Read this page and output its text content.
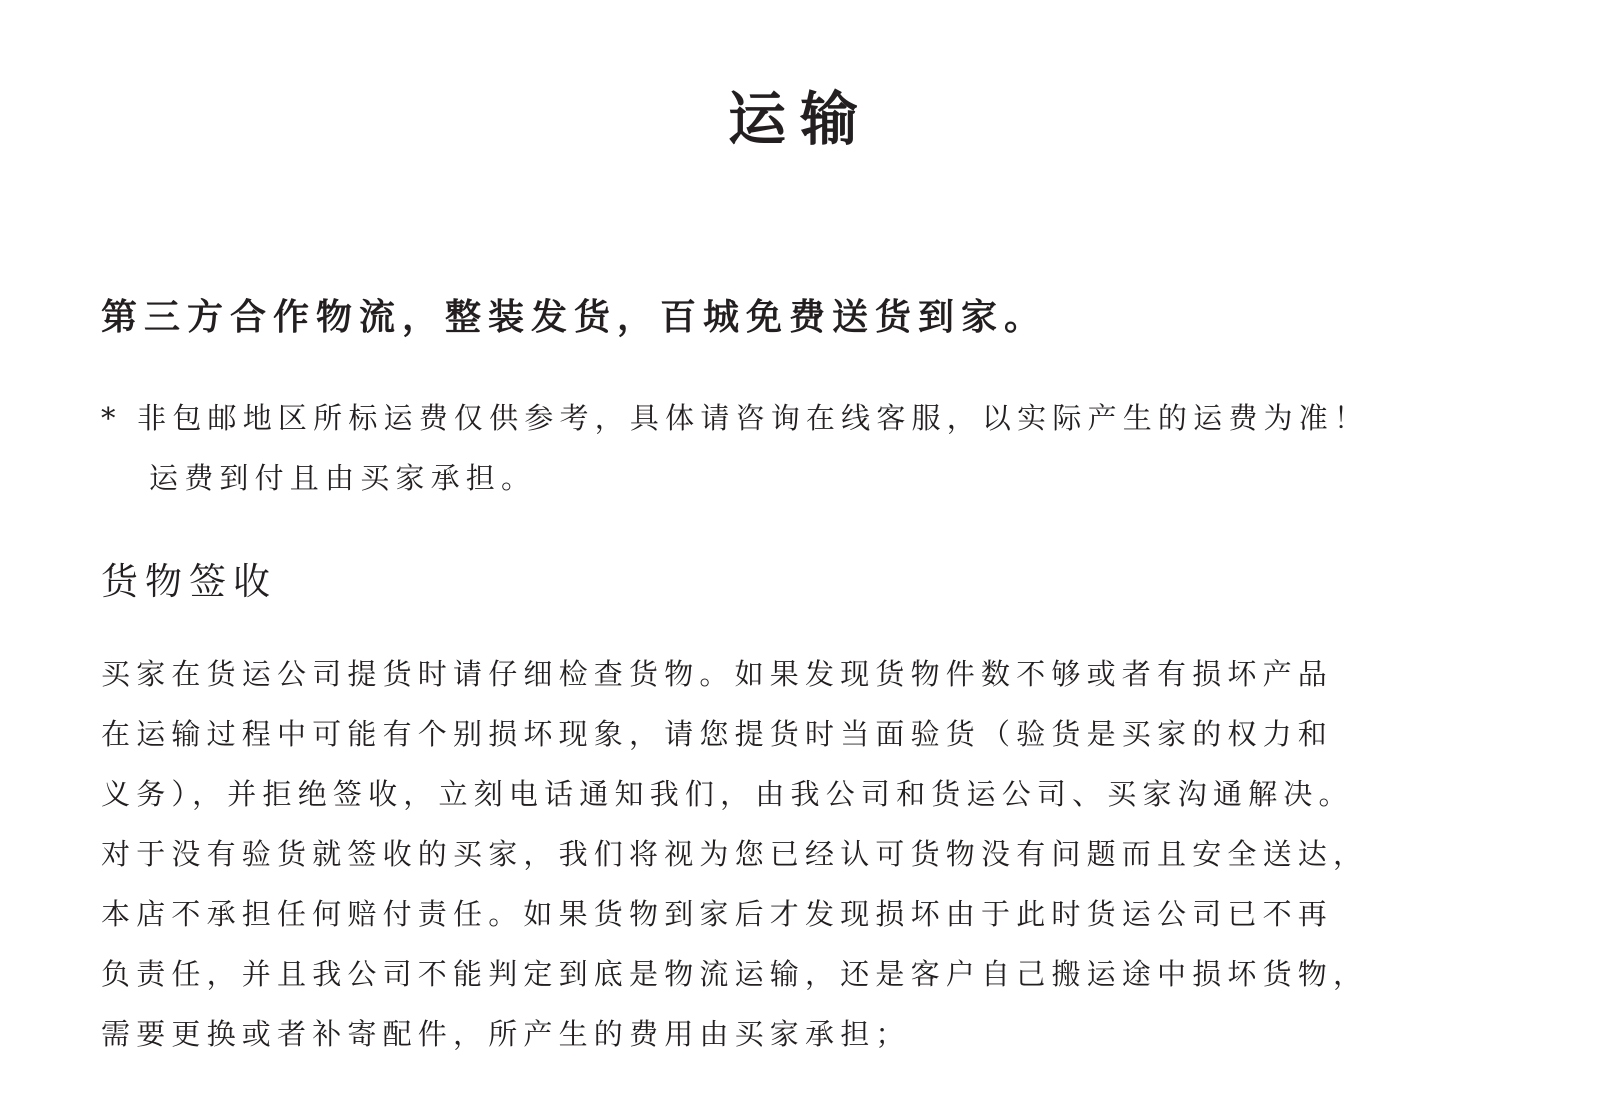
运输

第三方合作物流，整装发货，百城免费送货到家。

* 非包邮地区所标运费仅供参考，具体请咨询在线客服，以实际产生的运费为准！
运费到付且由买家承担。

货物签收

买家在货运公司提货时请仔细检查货物。如果发现货物件数不够或者有损坏产品
在运输过程中可能有个别损坏现象，请您提货时当面验货（验货是买家的权力和
义务），并拒绝签收，立刻电话通知我们，由我公司和货运公司、买家沟通解决。
对于没有验货就签收的买家，我们将视为您已经认可货物没有问题而且安全送达，
本店不承担任何赔付责任。如果货物到家后才发现损坏由于此时货运公司已不再
负责任，并且我公司不能判定到底是物流运输，还是客户自己搬运途中损坏货物，
需要更换或者补寄配件，所产生的费用由买家承担；
